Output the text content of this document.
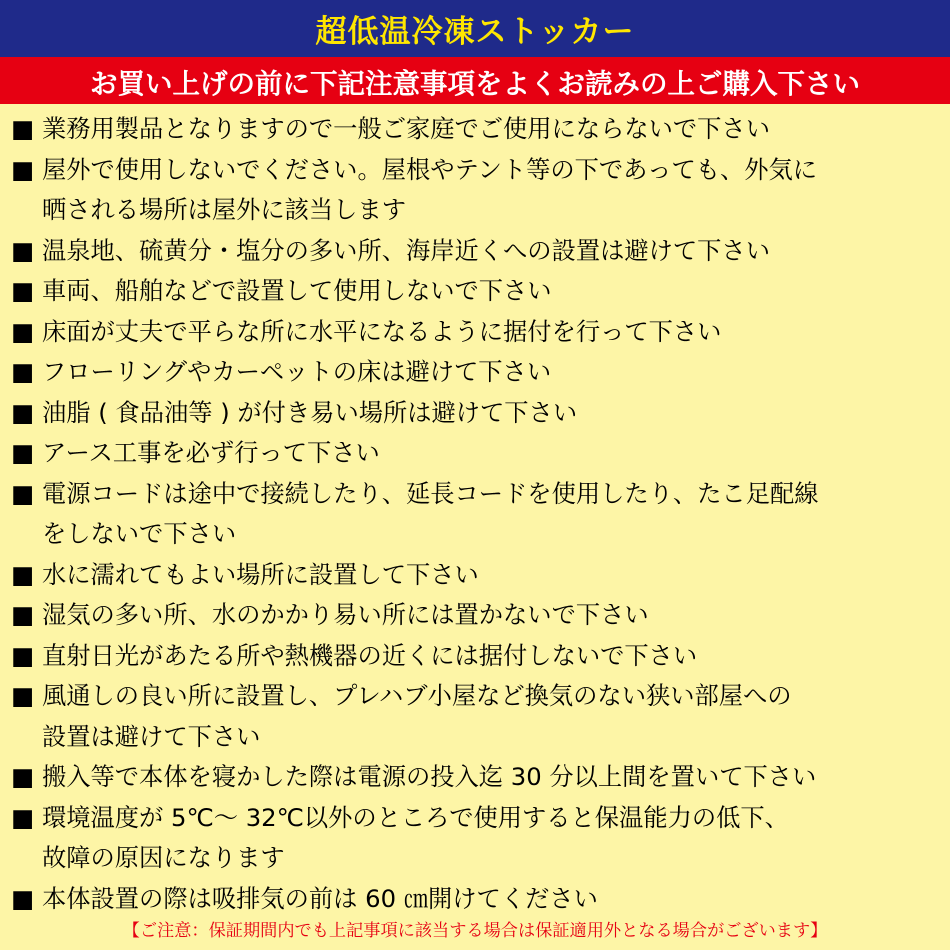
超低温冷凍ストッカー
お買い上げの前に下記注意事項をよくお読みの上ご購入下さい
■ 業務用製品となりますので一般ご家庭でご使用にならないで下さい
■ 屋外で使用しないでください。屋根やテント等の下であっても、外気に
晒される場所は屋外に該当します
■ 温泉地、硫黄分・塩分の多い所、海岸近くへの設置は避けて下さい
■ 車両、船舶などで設置して使用しないで下さい
■ 床面が丈夫で平らな所に水平になるように据付を行って下さい
■ フローリングやカーペットの床は避けて下さい
■ 油脂 ( 食品油等 ) が付き易い場所は避けて下さい
■ アース工事を必ず行って下さい
■ 電源コードは途中で接続したり、延長コードを使用したり、たこ足配線
をしないで下さい
■ 水に濡れてもよい場所に設置して下さい
■ 湿気の多い所、水のかかり易い所には置かないで下さい
■ 直射日光があたる所や熱機器の近くには据付しないで下さい
■ 風通しの良い所に設置し、プレハブ小屋など換気のない狭い部屋への
設置は避けて下さい
■ 搬入等で本体を寝かした際は電源の投入迄 30 分以上間を置いて下さい
■ 環境温度が 5℃～ 32℃以外のところで使用すると保温能力の低下、
故障の原因になります
■ 本体設置の際は吸排気の前は 60 ㎝開けてください
【ご注意：保証期間内でも上記事項に該当する場合は保証適用外となる場合がございます】
